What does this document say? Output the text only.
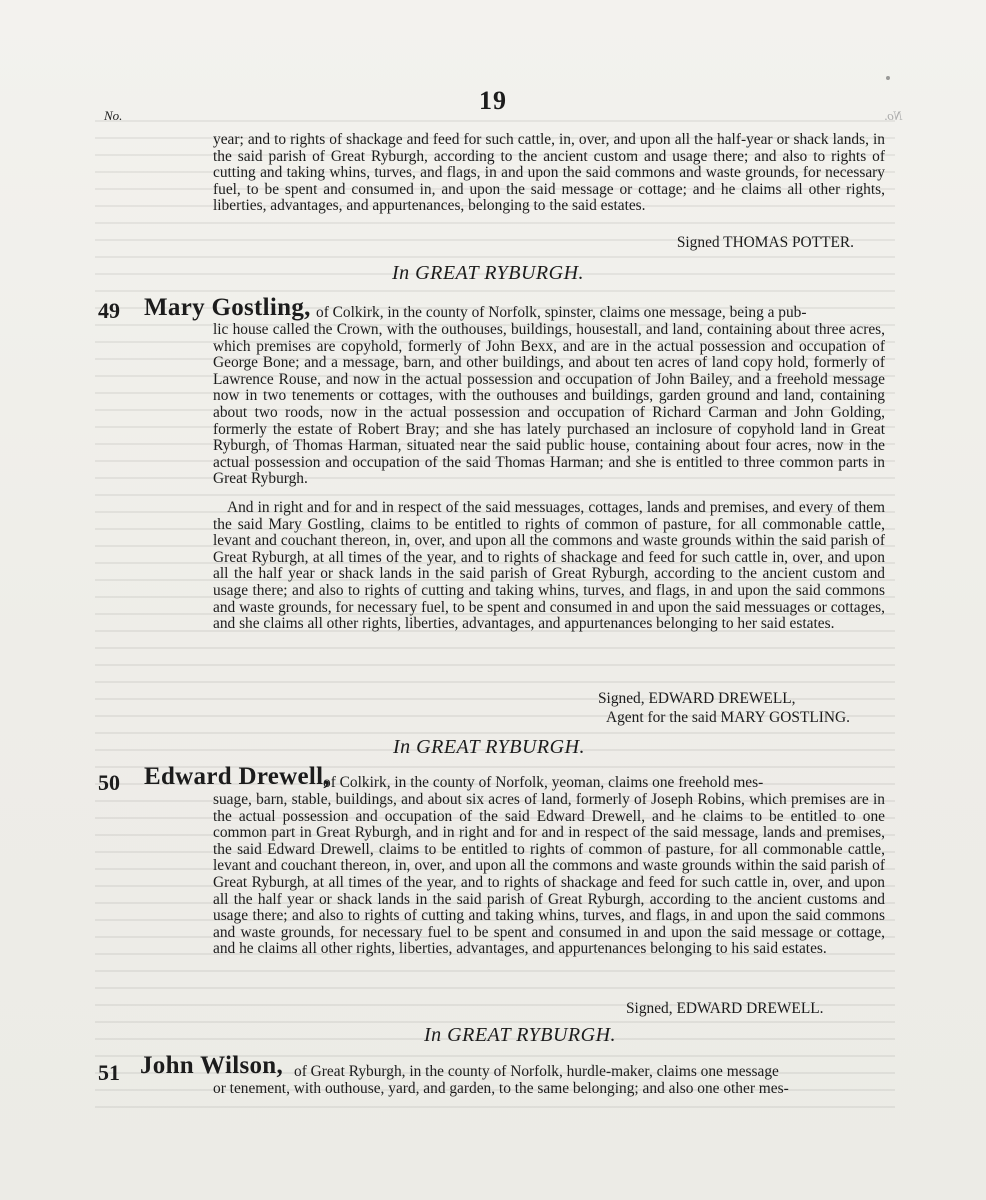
19
No.	No.

year; and to rights of shackage and feed for such cattle, in, over, and upon all the half-year or shack lands, in the said parish of Great Ryburgh, according to the ancient custom and usage there; and also to rights of cutting and taking whins, turves, and flags, in and upon the said commons and waste grounds, for necessary fuel, to be spent and consumed in, and upon the said message or cottage; and he claims all other rights, liberties, advantages, and appurtenances, belonging to the said estates.

Signed THOMAS POTTER.
In GREAT RYBURGH.
49 Mary Gostling, of Colkirk, in the county of Norfolk, spinster, claims one message, being a pub-

lic house called the Crown, with the outhouses, buildings, housestall, and land, containing about three acres, which premises are copyhold, formerly of John Bexx, and are in the actual possession and occupation of George Bone; and a message, barn, and other buildings, and about ten acres of land copy hold, formerly of Lawrence Rouse, and now in the actual possession and occupation of John Bailey, and a freehold message now in two tenements or cottages, with the outhouses and buildings, garden ground and land, containing about two roods, now in the actual possession and occupation of Richard Carman and John Golding, formerly the estate of Robert Bray; and she has lately purchased an inclosure of copyhold land in Great Ryburgh, of Thomas Harman, situated near the said public house, containing about four acres, now in the actual possession and occupation of the said Thomas Harman; and she is entitled to three common parts in Great Ryburgh.

And in right and for and in respect of the said messuages, cottages, lands and premises, and every of them the said Mary Gostling, claims to be entitled to rights of common of pasture, for all commonable cattle, levant and couchant thereon, in, over, and upon all the commons and waste grounds within the said parish of Great Ryburgh, at all times of the year, and to rights of shackage and feed for such cattle in, over, and upon all the half year or shack lands in the said parish of Great Ryburgh, according to the ancient custom and usage there; and also to rights of cutting and taking whins, turves, and flags, in and upon the said commons and waste grounds, for necessary fuel, to be spent and consumed in and upon the said messuages or cottages, and she claims all other rights, liberties, advantages, and appurtenances belonging to her said estates.

Signed, EDWARD DREWELL,
Agent for the said MARY GOSTLING.
In GREAT RYBURGH.
50 Edward Drewell,
of Colkirk, in the county of Norfolk, yeoman, claims one freehold mes-

suage, barn, stable, buildings, and about six acres of land, formerly of Joseph Robins, which premises are in the actual possession and occupation of the said Edward Drewell, and he claims to be entitled to one common part in Great Ryburgh, and in right and for and in respect of the said message, lands and premises, the said Edward Drewell, claims to be entitled to rights of common of pasture, for all commonable cattle, levant and couchant thereon, in, over, and upon all the commons and waste grounds within the said parish of Great Ryburgh, at all times of the year, and to rights of shackage and feed for such cattle in, over, and upon all the half year or shack lands in the said parish of Great Ryburgh, according to the ancient customs and usage there; and also to rights of cutting and taking whins, turves, and flags, in and upon the said commons and waste grounds, for necessary fuel to be spent and consumed in and upon the said message or cottage, and he claims all other rights, liberties, advantages, and appurtenances belonging to his said estates.

Signed, EDWARD DREWELL.
In GREAT RYBURGH.
51 John Wilson, of Great Ryburgh, in the county of Norfolk, hurdle-maker, claims one message

or tenement, with outhouse, yard, and garden, to the same belonging; and also one other mes-
